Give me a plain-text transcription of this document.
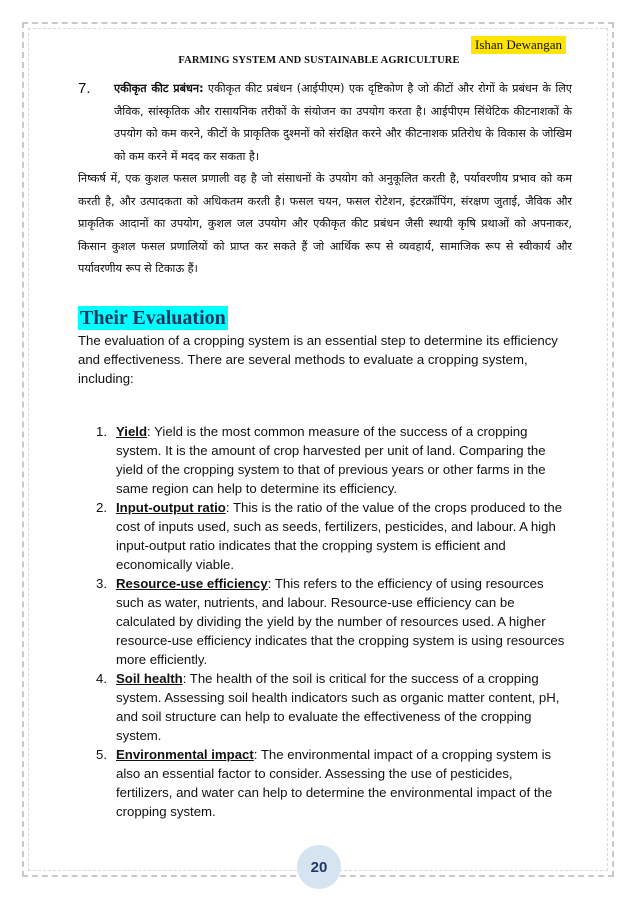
Ishan Dewangan
FARMING SYSTEM AND SUSTAINABLE AGRICULTURE
7.	एकीकृत कीट प्रबंधन: एकीकृत कीट प्रबंधन (आईपीएम) एक दृष्टिकोण है जो कीटों और रोगों के प्रबंधन के लिए जैविक, सांस्कृतिक और रासायनिक तरीकों के संयोजन का उपयोग करता है। आईपीएम सिंथेटिक कीटनाशकों के उपयोग को कम करने, कीटों के प्राकृतिक दुश्मनों को संरक्षित करने और कीटनाशक प्रतिरोध के विकास के जोखिम को कम करने में मदद कर सकता है।
निष्कर्ष में, एक कुशल फसल प्रणाली वह है जो संसाधनों के उपयोग को अनुकूलित करती है, पर्यावरणीय प्रभाव को कम करती है, और उत्पादकता को अधिकतम करती है। फसल चयन, फसल रोटेशन, इंटरक्रॉपिंग, संरक्षण जुताई, जैविक और प्राकृतिक आदानों का उपयोग, कुशल जल उपयोग और एकीकृत कीट प्रबंधन जैसी स्थायी कृषि प्रथाओं को अपनाकर, किसान कुशल फसल प्रणालियों को प्राप्त कर सकते हैं जो आर्थिक रूप से व्यवहार्य, सामाजिक रूप से स्वीकार्य और पर्यावरणीय रूप से टिकाऊ हैं।
Their Evaluation
The evaluation of a cropping system is an essential step to determine its efficiency and effectiveness. There are several methods to evaluate a cropping system, including:
1. Yield: Yield is the most common measure of the success of a cropping system. It is the amount of crop harvested per unit of land. Comparing the yield of the cropping system to that of previous years or other farms in the same region can help to determine its efficiency.
2. Input-output ratio: This is the ratio of the value of the crops produced to the cost of inputs used, such as seeds, fertilizers, pesticides, and labour. A high input-output ratio indicates that the cropping system is efficient and economically viable.
3. Resource-use efficiency: This refers to the efficiency of using resources such as water, nutrients, and labour. Resource-use efficiency can be calculated by dividing the yield by the number of resources used. A higher resource-use efficiency indicates that the cropping system is using resources more efficiently.
4. Soil health: The health of the soil is critical for the success of a cropping system. Assessing soil health indicators such as organic matter content, pH, and soil structure can help to evaluate the effectiveness of the cropping system.
5. Environmental impact: The environmental impact of a cropping system is also an essential factor to consider. Assessing the use of pesticides, fertilizers, and water can help to determine the environmental impact of the cropping system.
20
